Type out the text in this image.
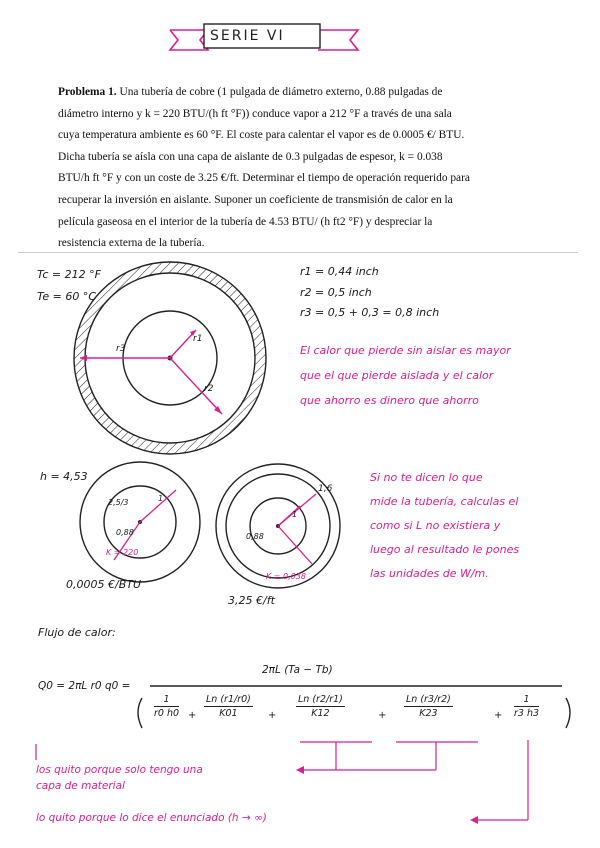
SERIE VI
Problema 1. Una tubería de cobre (1 pulgada de diámetro externo, 0.88 pulgadas de
diámetro interno y k = 220 BTU/(h ft °F)) conduce vapor a 212 °F a través de una sala
cuya temperatura ambiente es 60 °F. El coste para calentar el vapor es de 0.0005 €/ BTU.
Dicha tubería se aísla con una capa de aislante de 0.3 pulgadas de espesor, k = 0.038
BTU/h ft °F y con un coste de 3.25 €/ft. Determinar el tiempo de operación requerido para
recuperar la inversión en aislante. Suponer un coeficiente de transmisión de calor en la
película gaseosa en el interior de la tubería de 4.53 BTU/ (h ft2 °F) y despreciar la
resistencia externa de la tubería.
Tc = 212 °F
Te = 60 °C
r1
r3
r2
r1 = 0,44 inch
r2 = 0,5 inch
r3 = 0,5 + 0,3 = 0,8 inch
El calor que pierde sin aislar es mayor
que el que pierde aislada y el calor
que ahorro es dinero que ahorro
h = 4,53
2,5/3	1
0,88
K = 220
0,0005 €/BTU
1,6
0,88
1
K = 0,038
3,25 €/ft
Si no te dicen lo que
mide la tubería, calculas el
como si L no existiera y
luego al resultado le pones
las unidades de W/m.
Flujo de calor:
Q0 = 2πL r0 q0 =
2πL (Ta − Tb)
+	+	+	+
$\frac{1}{r0 h0}$	$\frac{Ln (r1/r0)}{K01}$	$\frac{Ln (r2/r1)}{K12}$	$\frac{Ln (r3/r2)}{K23}$	$\frac{1}{r3 h3}$
los quito porque solo tengo una
capa de material
lo quito porque lo dice el enunciado (h → ∞)
